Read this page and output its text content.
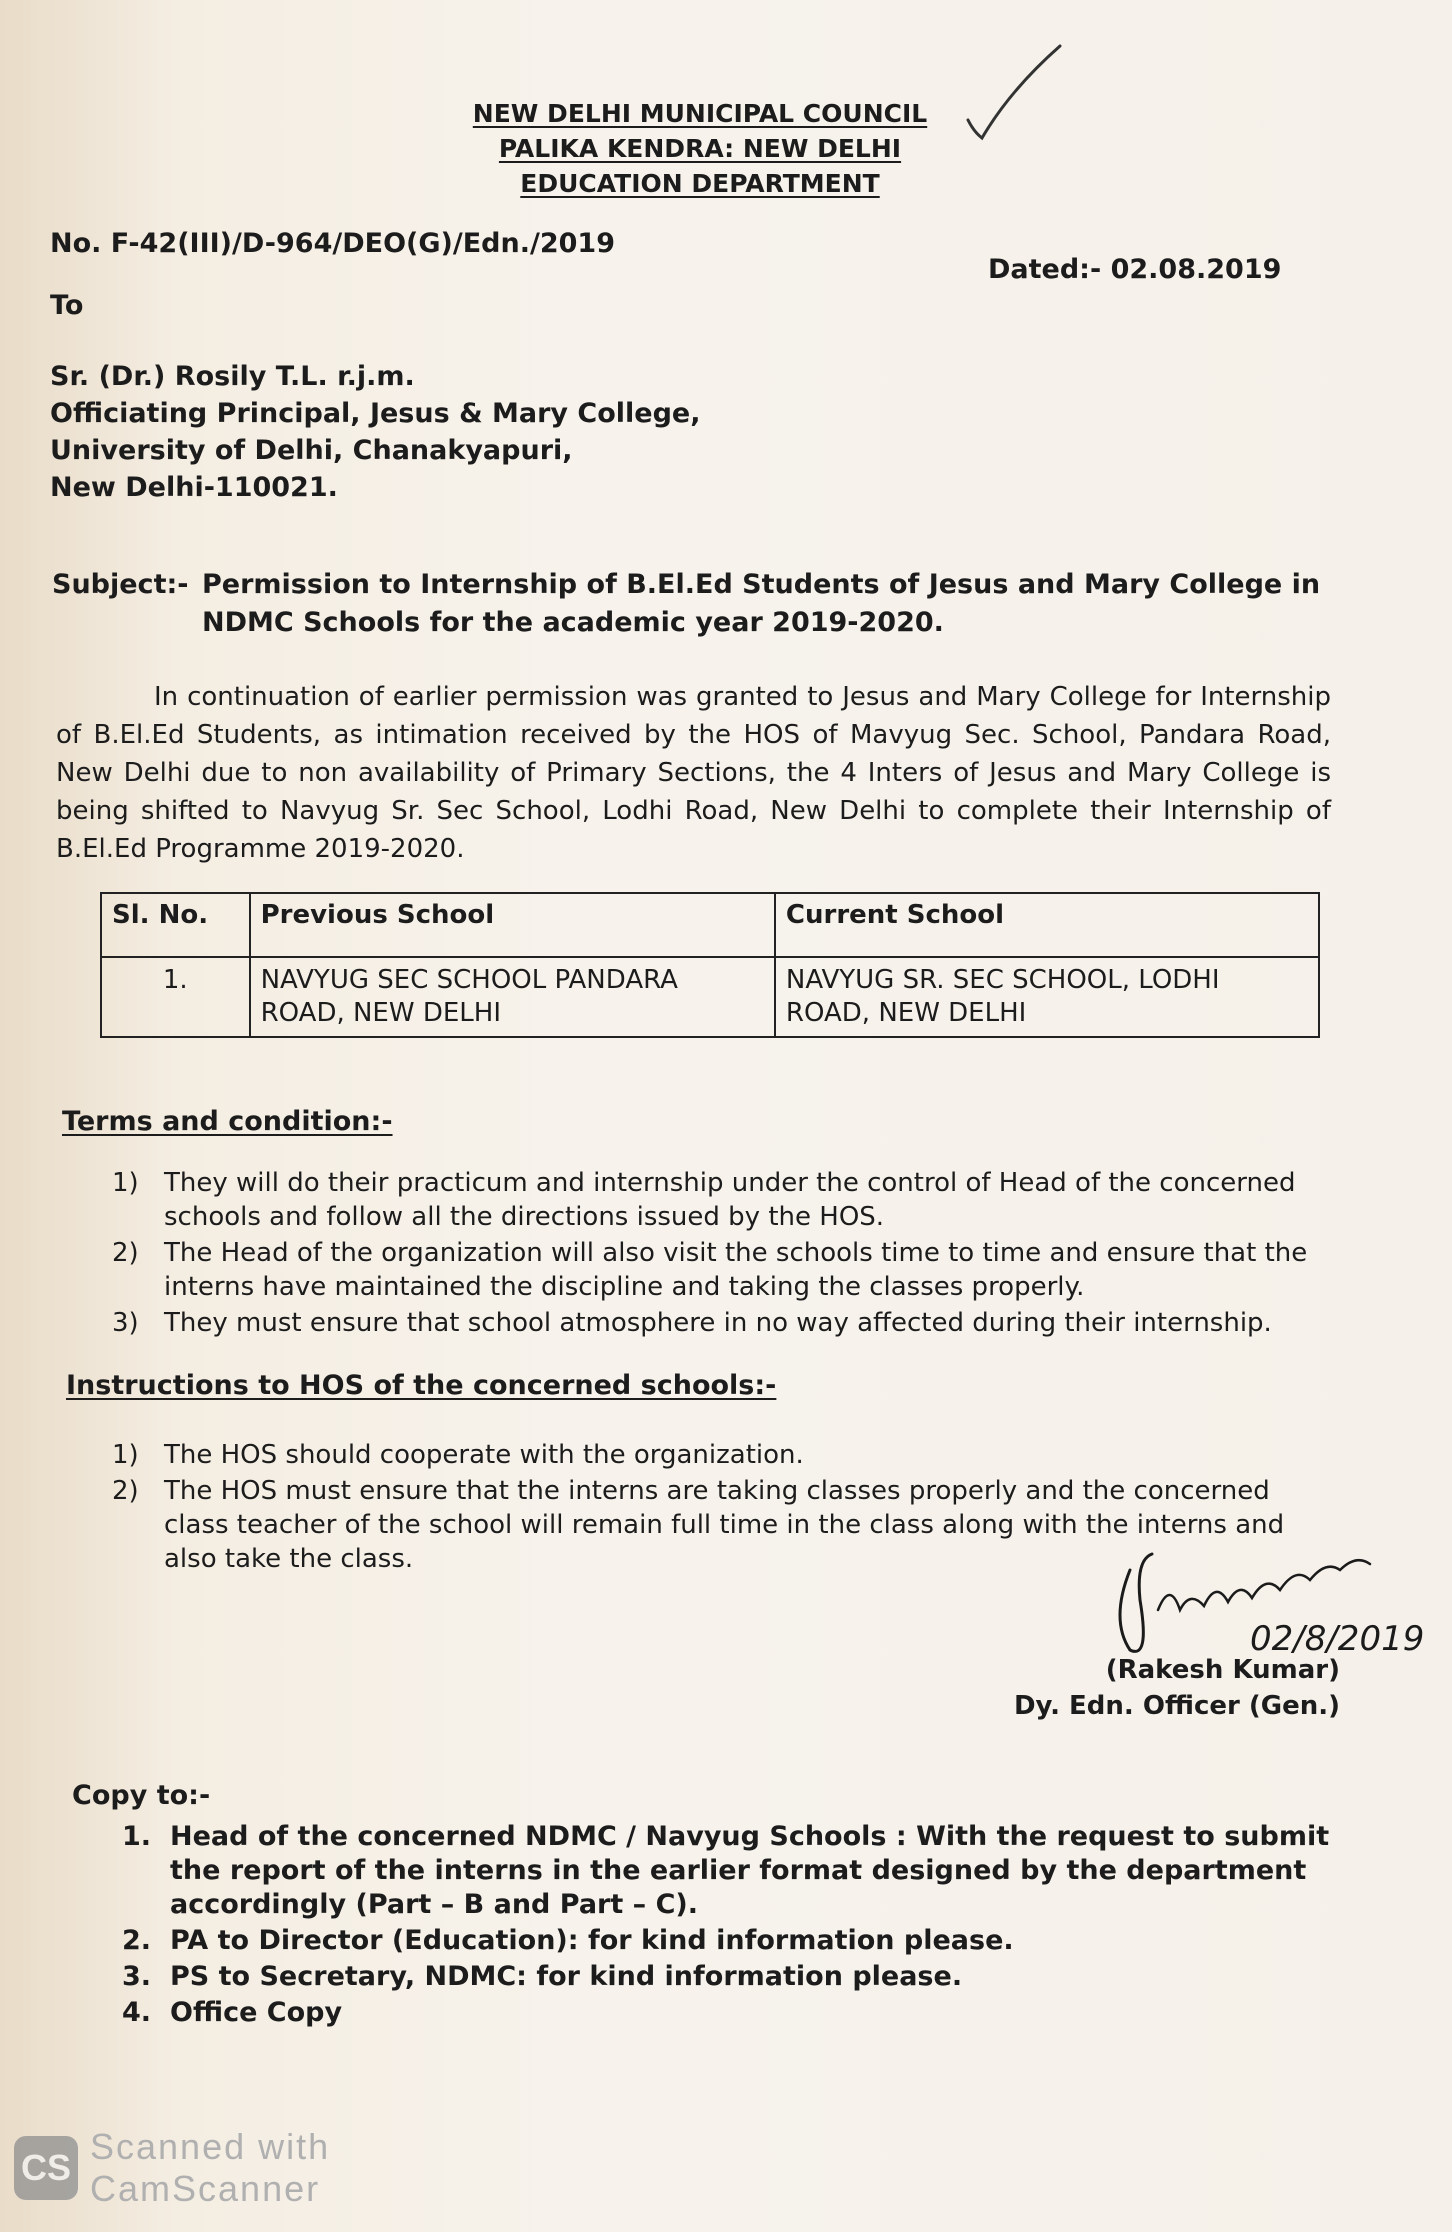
NEW DELHI MUNICIPAL COUNCIL
PALIKA KENDRA: NEW DELHI
EDUCATION DEPARTMENT
No. F-42(III)/D-964/DEO(G)/Edn./2019
Dated:- 02.08.2019
To
Sr. (Dr.) Rosily T.L. r.j.m.
Officiating Principal, Jesus & Mary College,
University of Delhi, Chanakyapuri,
New Delhi-110021.
Subject:- Permission to Internship of B.El.Ed Students of Jesus and Mary College in
NDMC Schools for the academic year 2019-2020.
In continuation of earlier permission was granted to Jesus and Mary College for Internship of B.El.Ed Students, as intimation received by the HOS of Mavyug Sec. School, Pandara Road, New Delhi due to non availability of Primary Sections, the 4 Inters of Jesus and Mary College is being shifted to Navyug Sr. Sec School, Lodhi Road, New Delhi to complete their Internship of B.El.Ed Programme 2019-2020.
Sl. No.	Previous School	Current School
1.	NAVYUG SEC SCHOOL PANDARA ROAD, NEW DELHI	NAVYUG SR. SEC SCHOOL, LODHI ROAD, NEW DELHI
Terms and condition:-
1) They will do their practicum and internship under the control of Head of the concerned schools and follow all the directions issued by the HOS.
2) The Head of the organization will also visit the schools time to time and ensure that the interns have maintained the discipline and taking the classes properly.
3) They must ensure that school atmosphere in no way affected during their internship.
Instructions to HOS of the concerned schools:-
1) The HOS should cooperate with the organization.
2) The HOS must ensure that the interns are taking classes properly and the concerned class teacher of the school will remain full time in the class along with the interns and also take the class.
02/8/2019
(Rakesh Kumar)
Dy. Edn. Officer (Gen.)
Copy to:-
1. Head of the concerned NDMC / Navyug Schools : With the request to submit the report of the interns in the earlier format designed by the department accordingly (Part – B and Part – C).
2. PA to Director (Education): for kind information please.
3. PS to Secretary, NDMC: for kind information please.
4. Office Copy
CS
Scanned with
CamScanner
